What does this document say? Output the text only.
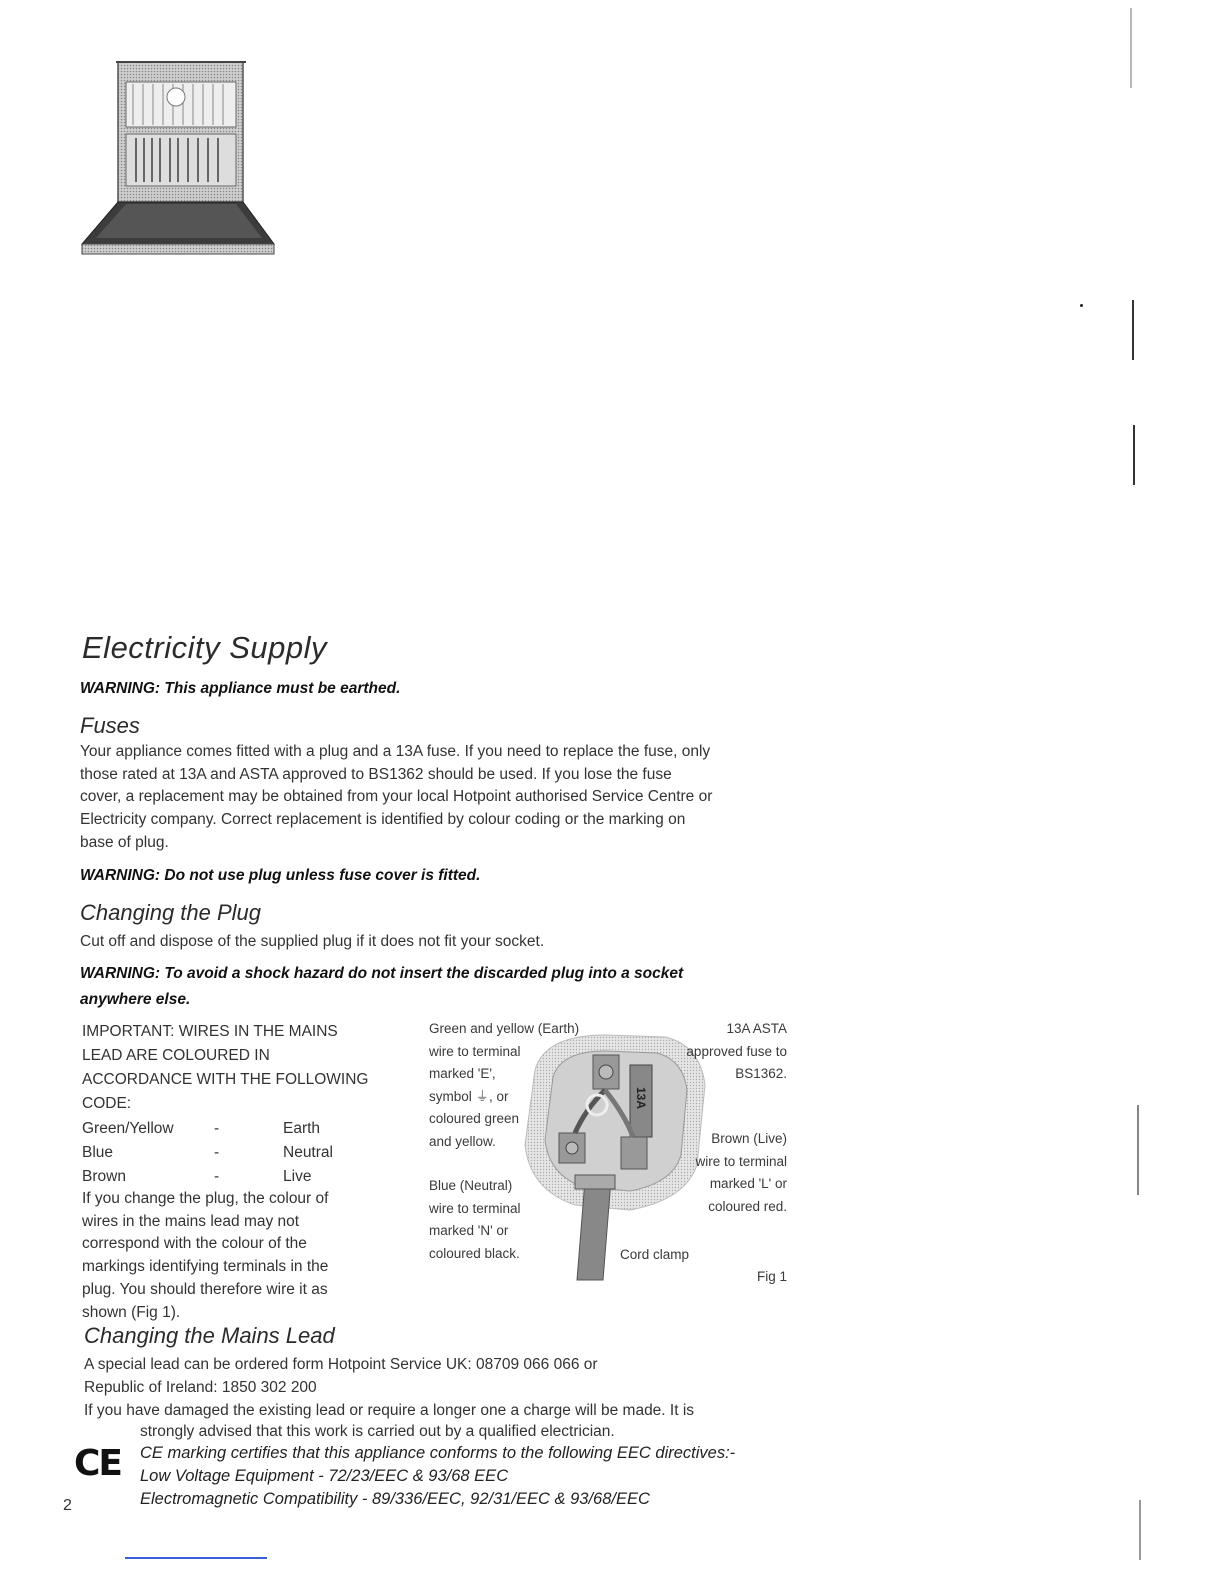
Electricity Supply
WARNING: This appliance must be earthed.
Fuses
Your appliance comes fitted with a plug and a 13A fuse. If you need to replace the fuse, only
those rated at 13A and ASTA approved to BS1362 should be used. If you lose the fuse
cover, a replacement may be obtained from your local Hotpoint authorised Service Centre or
Electricity company. Correct replacement is identified by colour coding or the marking on
base of plug.
WARNING: Do not use plug unless fuse cover is fitted.
Changing the Plug
Cut off and dispose of the supplied plug if it does not fit your socket.
WARNING: To avoid a shock hazard do not insert the discarded plug into a socket
anywhere else.
IMPORTANT: WIRES IN THE MAINS
LEAD ARE COLOURED IN
ACCORDANCE WITH THE FOLLOWING
CODE:
Green/Yellow	-	Earth
Blue	-	Neutral
Brown	-	Live
If you change the plug, the colour of
wires in the mains lead may not
correspond with the colour of the
markings identifying terminals in the
plug. You should therefore wire it as
shown (Fig 1).
13A
Green and yellow (Earth)
wire to terminal
marked 'E',
symbol ⏚, or
coloured green
and yellow.
13A ASTA
approved fuse to
BS1362.
Brown (Live)
wire to terminal
marked 'L' or
coloured red.
Blue (Neutral)
wire to terminal
marked 'N' or
coloured black.	Cord clamp
Fig 1
Changing the Mains Lead
A special lead can be ordered form Hotpoint Service UK: 08709 066 066 or
Republic of Ireland: 1850 302 200
If you have damaged the existing lead or require a longer one a charge will be made. It is
strongly advised that this work is carried out by a qualified electrician.
CE CE marking certifies that this appliance conforms to the following EEC directives:-
Low Voltage Equipment - 72/23/EEC & 93/68 EEC
Electromagnetic Compatibility - 89/336/EEC, 92/31/EEC & 93/68/EEC
2
